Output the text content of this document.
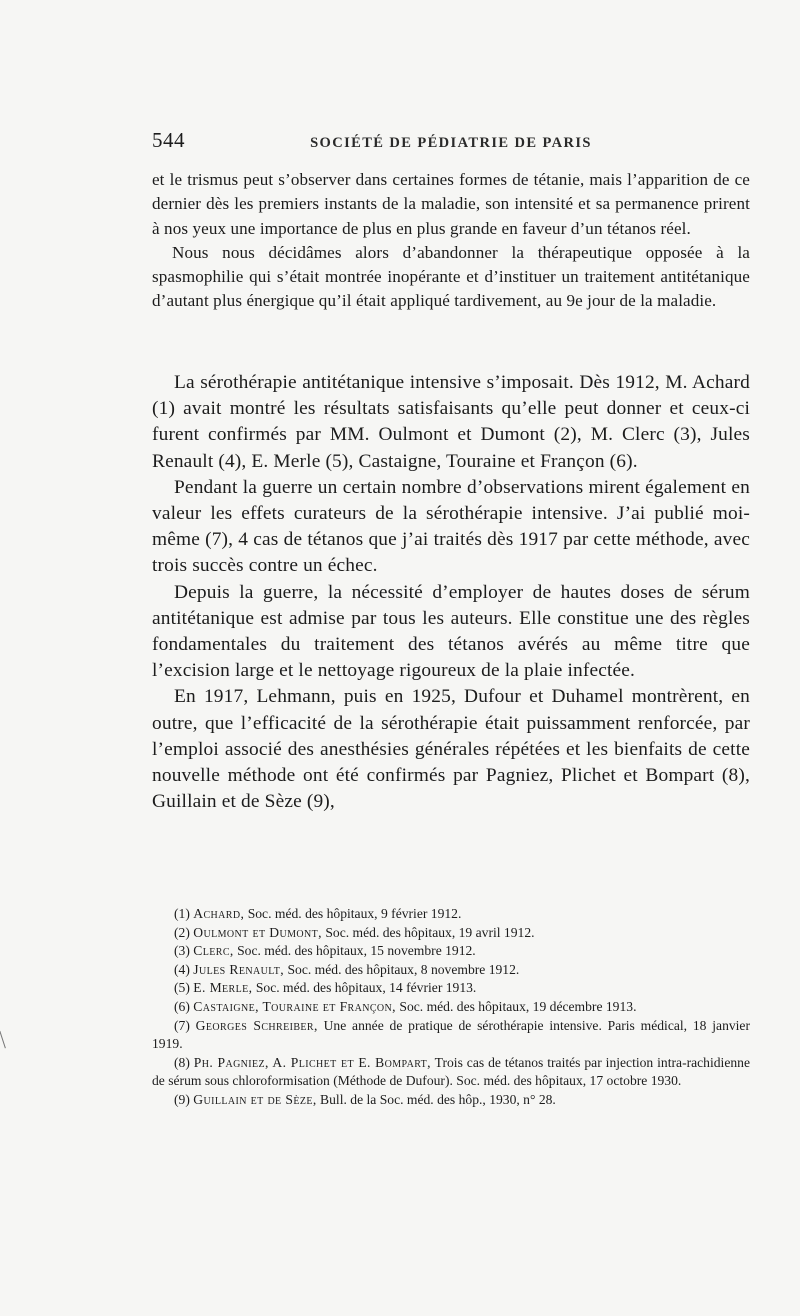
544	SOCIÉTÉ DE PÉDIATRIE DE PARIS

et le trismus peut s’observer dans certaines formes de tétanie, mais l’apparition de ce dernier dès les premiers instants de la maladie, son intensité et sa permanence prirent à nos yeux une importance de plus en plus grande en faveur d’un tétanos réel.

Nous nous décidâmes alors d’abandonner la thérapeutique opposée à la spasmophilie qui s’était montrée inopérante et d’instituer un traitement antitétanique d’autant plus énergique qu’il était appliqué tardivement, au 9e jour de la maladie.

La sérothérapie antitétanique intensive s’imposait. Dès 1912, M. Achard (1) avait montré les résultats satisfaisants qu’elle peut donner et ceux-ci furent confirmés par MM. Oulmont et Dumont (2), M. Clerc (3), Jules Renault (4), E. Merle (5), Castaigne, Touraine et Françon (6).

Pendant la guerre un certain nombre d’observations mirent également en valeur les effets curateurs de la sérothérapie intensive. J’ai publié moi-même (7), 4 cas de tétanos que j’ai traités dès 1917 par cette méthode, avec trois succès contre un échec.

Depuis la guerre, la nécessité d’employer de hautes doses de sérum antitétanique est admise par tous les auteurs. Elle constitue une des règles fondamentales du traitement des tétanos avérés au même titre que l’excision large et le nettoyage rigoureux de la plaie infectée.

En 1917, Lehmann, puis en 1925, Dufour et Duhamel montrèrent, en outre, que l’efficacité de la sérothérapie était puissamment renforcée, par l’emploi associé des anesthésies générales répétées et les bienfaits de cette nouvelle méthode ont été confirmés par Pagniez, Plichet et Bompart (8), Guillain et de Sèze (9),

(1) Achard, Soc. méd. des hôpitaux, 9 février 1912.

(2) Oulmont et Dumont, Soc. méd. des hôpitaux, 19 avril 1912.

(3) Clerc, Soc. méd. des hôpitaux, 15 novembre 1912.

(4) Jules Renault, Soc. méd. des hôpitaux, 8 novembre 1912.

(5) E. Merle, Soc. méd. des hôpitaux, 14 février 1913.

(6) Castaigne, Touraine et Françon, Soc. méd. des hôpitaux, 19 décembre 1913.

(7) Georges Schreiber, Une année de pratique de sérothérapie intensive. Paris médical, 18 janvier 1919.

(8) Ph. Pagniez, A. Plichet et E. Bompart, Trois cas de tétanos traités par injection intra-rachidienne de sérum sous chloroformisation (Méthode de Dufour). Soc. méd. des hôpitaux, 17 octobre 1930.

(9) Guillain et de Sèze, Bull. de la Soc. méd. des hôp., 1930, n° 28.
